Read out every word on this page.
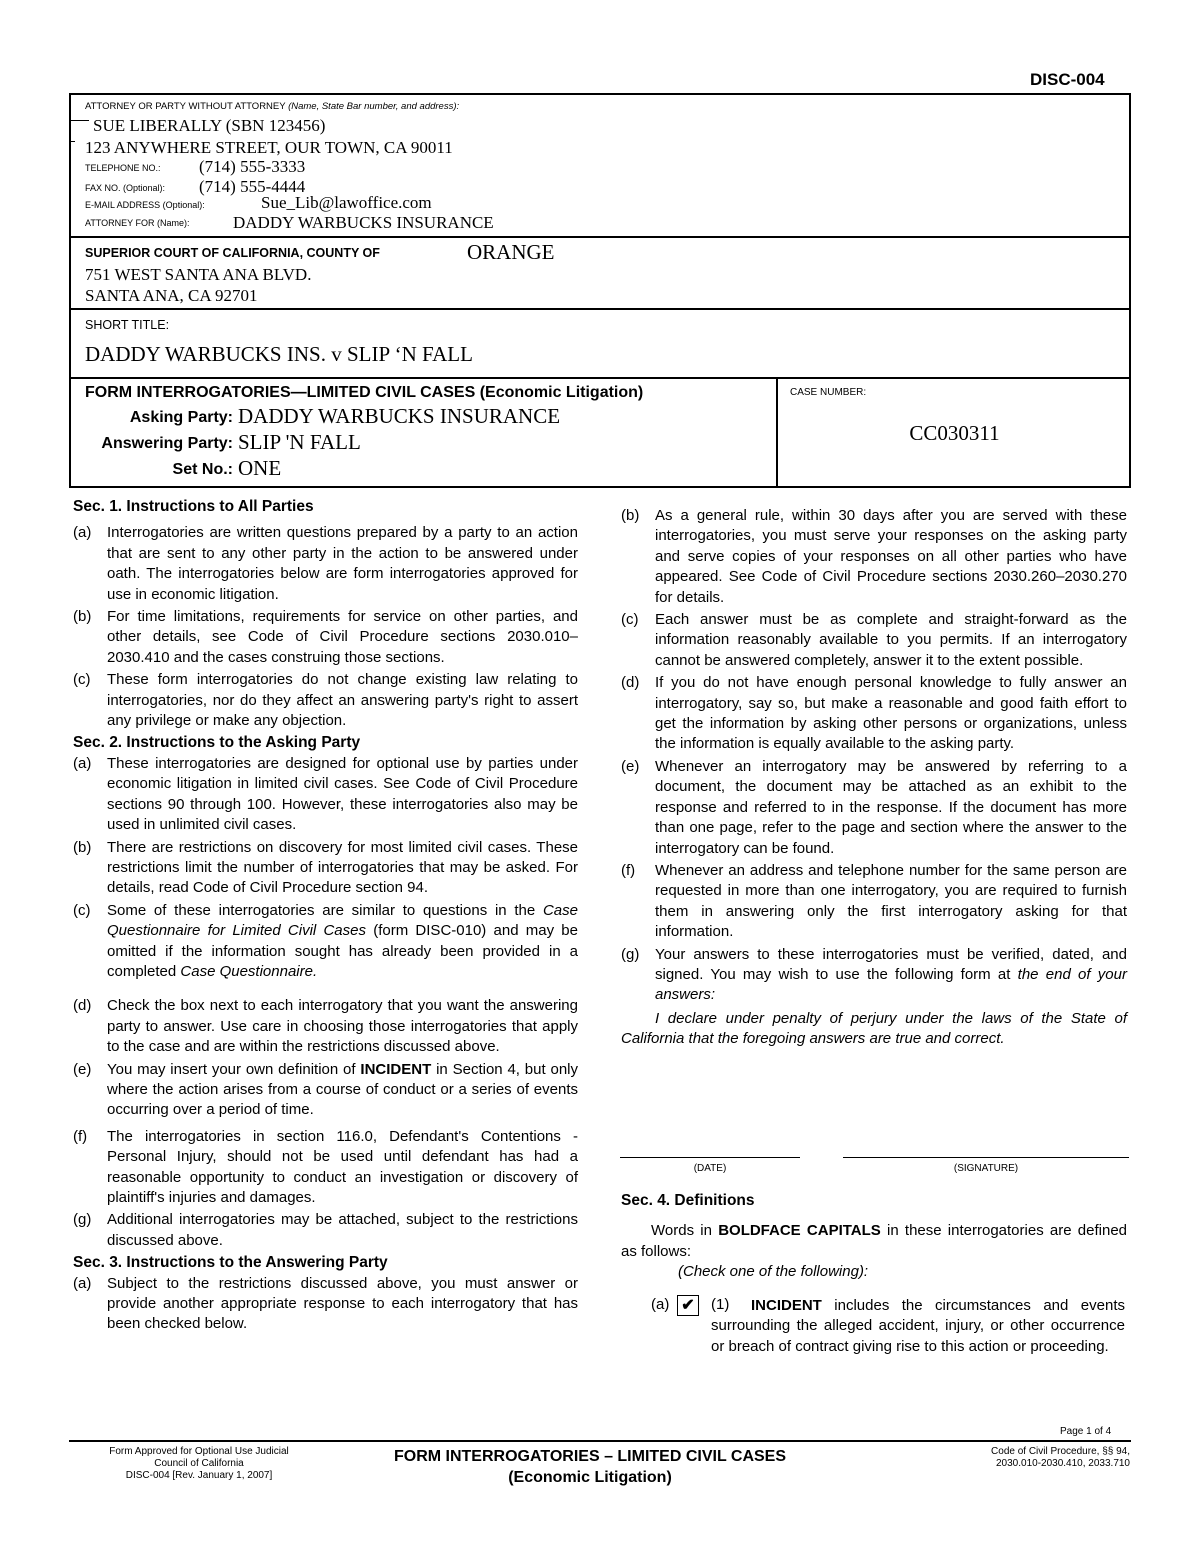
DISC-004
ATTORNEY OR PARTY WITHOUT ATTORNEY (Name, State Bar number, and address):
SUE LIBERALLY (SBN 123456)
123 ANYWHERE STREET, OUR TOWN, CA 90011
TELEPHONE NO.: (714) 555-3333
FAX NO. (Optional): (714) 555-4444
E-MAIL ADDRESS (Optional):	Sue_Lib@lawoffice.com
ATTORNEY FOR (Name):	DADDY WARBUCKS INSURANCE
SUPERIOR COURT OF CALIFORNIA, COUNTY OF	ORANGE
751 WEST SANTA ANA BLVD.
SANTA ANA, CA 92701
SHORT TITLE:
DADDY WARBUCKS INS. v SLIP ‘N FALL
FORM INTERROGATORIES—LIMITED CIVIL CASES (Economic Litigation)
Asking Party: DADDY WARBUCKS INSURANCE
Answering Party: SLIP 'N FALL
Set No.: ONE
CASE NUMBER:
CC030311

Sec. 1. Instructions to All Parties

(a)	Interrogatories are written questions prepared by a party to an action that are sent to any other party in the action to be answered under oath. The interrogatories below are form interrogatories approved for use in economic litigation.
(b)	For time limitations, requirements for service on other parties, and other details, see Code of Civil Procedure sections 2030.010–2030.410 and the cases construing those sections.
(c)	These form interrogatories do not change existing law relating to interrogatories, nor do they affect an answering party's right to assert any privilege or make any objection.

Sec. 2. Instructions to the Asking Party

(a)	These interrogatories are designed for optional use by parties under economic litigation in limited civil cases. See Code of Civil Procedure sections 90 through 100. However, these interrogatories also may be used in unlimited civil cases.
(b)	There are restrictions on discovery for most limited civil cases. These restrictions limit the number of interrogatories that may be asked. For details, read Code of Civil Procedure section 94.
(c)	Some of these interrogatories are similar to questions in the Case Questionnaire for Limited Civil Cases (form DISC-010) and may be omitted if the information sought has already been provided in a completed Case Questionnaire.
(d)	Check the box next to each interrogatory that you want the answering party to answer. Use care in choosing those interrogatories that apply to the case and are within the restrictions discussed above.
(e)	You may insert your own definition of INCIDENT in Section 4, but only where the action arises from a course of conduct or a series of events occurring over a period of time.
(f)	The interrogatories in section 116.0, Defendant's Contentions - Personal Injury, should not be used until defendant has had a reasonable opportunity to conduct an investigation or discovery of plaintiff's injuries and damages.
(g)	Additional interrogatories may be attached, subject to the restrictions discussed above.

Sec. 3. Instructions to the Answering Party

(a)	Subject to the restrictions discussed above, you must answer or provide another appropriate response to each interrogatory that has been checked below.
(b)	As a general rule, within 30 days after you are served with these interrogatories, you must serve your responses on the asking party and serve copies of your responses on all other parties who have appeared. See Code of Civil Procedure sections 2030.260–2030.270 for details.
(c)	Each answer must be as complete and straight-forward as the information reasonably available to you permits. If an interrogatory cannot be answered completely, answer it to the extent possible.
(d)	If you do not have enough personal knowledge to fully answer an interrogatory, say so, but make a reasonable and good faith effort to get the information by asking other persons or organizations, unless the information is equally available to the asking party.
(e)	Whenever an interrogatory may be answered by referring to a document, the document may be attached as an exhibit to the response and referred to in the response. If the document has more than one page, refer to the page and section where the answer to the interrogatory can be found.
(f)	Whenever an address and telephone number for the same person are requested in more than one interrogatory, you are required to furnish them in answering only the first interrogatory asking for that information.
(g)	Your answers to these interrogatories must be verified, dated, and signed. You may wish to use the following form at the end of your answers:

I declare under penalty of perjury under the laws of the State of California that the foregoing answers are true and correct.

(DATE)	(SIGNATURE)

Sec. 4. Definitions

Words in BOLDFACE CAPITALS in these interrogatories are defined as follows:

(Check one of the following):

(a) ✔ (1)	INCIDENT includes the circumstances and events surrounding the alleged accident, injury, or other occurrence or breach of contract giving rise to this action or proceeding.
Page 1 of 4
Form Approved for Optional Use Judicial
Council of California
DISC-004 [Rev. January 1, 2007]
FORM INTERROGATORIES – LIMITED CIVIL CASES
(Economic Litigation)
Code of Civil Procedure, §§ 94,
2030.010-2030.410, 2033.710
